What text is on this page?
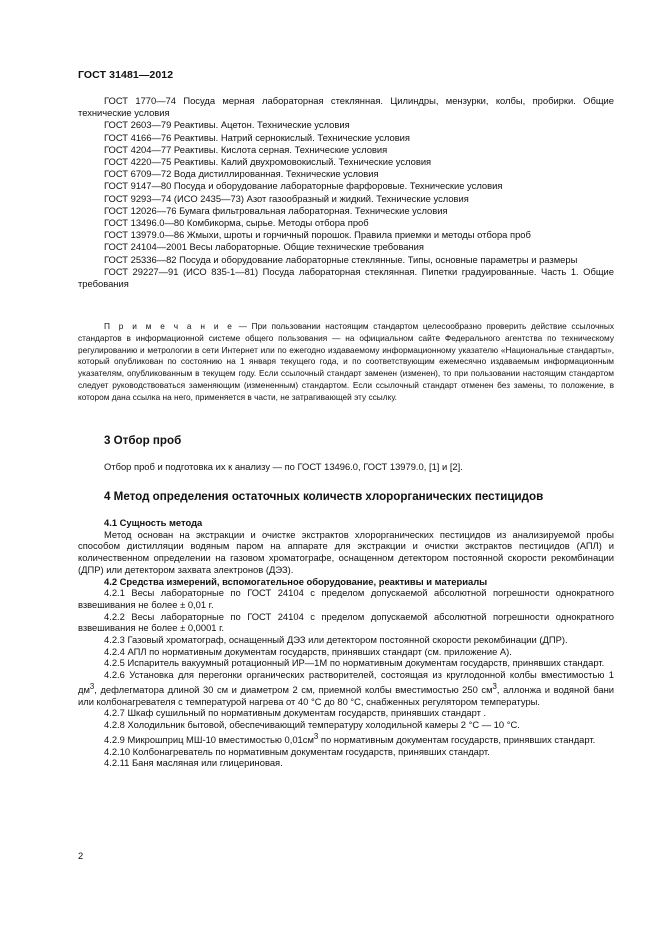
ГОСТ 31481—2012
ГОСТ 1770—74 Посуда мерная лабораторная стеклянная. Цилиндры, мензурки, колбы, пробирки. Общие технические условия
ГОСТ 2603—79 Реактивы. Ацетон. Технические условия
ГОСТ 4166—76 Реактивы. Натрий сернокислый. Технические условия
ГОСТ 4204—77 Реактивы. Кислота серная. Технические условия
ГОСТ 4220—75 Реактивы. Калий двухромовокислый. Технические условия
ГОСТ 6709—72 Вода дистиллированная. Технические условия
ГОСТ 9147—80 Посуда и оборудование лабораторные фарфоровые. Технические условия
ГОСТ 9293—74 (ИСО 2435—73) Азот газообразный и жидкий. Технические условия
ГОСТ 12026—76 Бумага фильтровальная лабораторная. Технические условия
ГОСТ 13496.0—80 Комбикорма, сырье. Методы отбора проб
ГОСТ 13979.0—86 Жмыхи, шроты и горчичный порошок. Правила приемки и методы отбора проб
ГОСТ 24104—2001 Весы лабораторные. Общие технические требования
ГОСТ 25336—82 Посуда и оборудование лабораторные стеклянные. Типы, основные параметры и размеры
ГОСТ 29227—91 (ИСО 835-1—81) Посуда лабораторная стеклянная. Пипетки градуированные. Часть 1. Общие требования
П р и м е ч а н и е — При пользовании настоящим стандартом целесообразно проверить действие ссылочных стандартов в информационной системе общего пользования — на официальном сайте Федерального агентства по техническому регулированию и метрологии в сети Интернет или по ежегодно издаваемому информационному указателю «Национальные стандарты», который опубликован по состоянию на 1 января текущего года, и по соответствующим ежемесячно издаваемым информационным указателям, опубликованным в текущем году. Если ссылочный стандарт заменен (изменен), то при пользовании настоящим стандартом следует руководствоваться заменяющим (измененным) стандартом. Если ссылочный стандарт отменен без замены, то положение, в котором дана ссылка на него, применяется в части, не затрагивающей эту ссылку.
3 Отбор проб
Отбор проб и подготовка их к анализу — по ГОСТ 13496.0, ГОСТ 13979.0, [1] и [2].
4 Метод определения остаточных количеств хлорорганических пестицидов
4.1 Сущность метода
Метод основан на экстракции и очистке экстрактов хлорорганических пестицидов из анализируемой пробы способом дистилляции водяным паром на аппарате для экстракции и очистки экстрактов пестицидов (АПЛ) и количественном определении на газовом хроматографе, оснащенном детектором постоянной скорости рекомбинации (ДПР) или детектором захвата электронов (ДЭЗ).
4.2 Средства измерений, вспомогательное оборудование, реактивы и материалы
4.2.1 Весы лабораторные по ГОСТ 24104 с пределом допускаемой абсолютной погрешности однократного взвешивания не более ± 0,01 г.
4.2.2 Весы лабораторные по ГОСТ 24104 с пределом допускаемой абсолютной погрешности однократного взвешивания не более ± 0,0001 г.
4.2.3 Газовый хроматограф, оснащенный ДЭЗ или детектором постоянной скорости рекомбинации (ДПР).
4.2.4 АПЛ по нормативным документам государств, принявших стандарт (см. приложение А).
4.2.5 Испаритель вакуумный ротационный ИР—1М по нормативным документам государств, принявших стандарт.
4.2.6 Установка для перегонки органических растворителей, состоящая из круглодонной колбы вместимостью 1 $дм^3$, дефлегматора длиной 30 см и диаметром 2 см, приемной колбы вместимостью 250 $см^3$, аллонжа и водяной бани или колбонагревателя с температурой нагрева от 40 °С до 80 °С, снабженных регулятором температуры.
4.2.7 Шкаф сушильный по нормативным документам государств, принявших стандарт .
4.2.8 Холодильник бытовой, обеспечивающий температуру холодильной камеры 2 °С — 10 °С.
4.2.9 Микрошприц МШ-10 вместимостью $0,01см^3$ по нормативным документам государств, принявших стандарт.
4.2.10 Колбонагреватель по нормативным документам государств, принявших стандарт.
4.2.11 Баня масляная или глицериновая.
2
